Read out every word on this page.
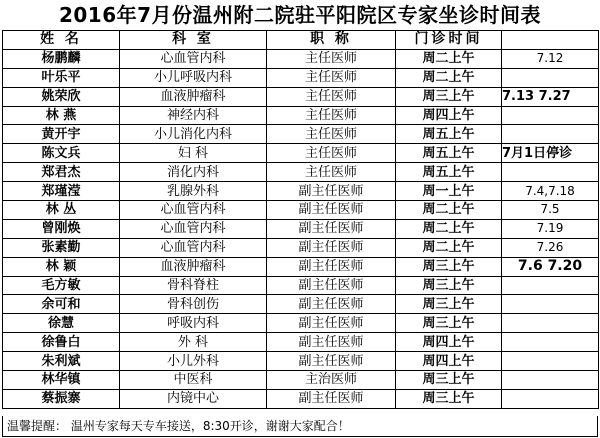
2016年7月份温州附二院驻平阳院区专家坐诊时间表
姓 名	科 室	职 称	门诊时间	
杨鹏麟	心血管内科	主任医师	周二上午	7.12
叶乐平	小儿呼吸内科	主任医师	周二上午	
姚荣欣	血液肿瘤科	主任医师	周三上午	7.13 7.27
林 燕	神经内科	主任医师	周四上午	
黄开宇	小儿消化内科	主任医师	周五上午	
陈文兵	妇 科	主任医师	周五上午	7月1日停诊
郑君杰	消化内科	主任医师	周五上午	
郑瑾滢	乳腺外科	副主任医师	周一上午	7.4,7.18
林 丛	心血管内科	副主任医师	周二上午	7.5
曾刚焕	心血管内科	副主任医师	周二上午	7.19
张素勤	心血管内科	副主任医师	周二上午	7.26
林 颖	血液肿瘤科	副主任医师	周三上午	7.6 7.20
毛方敏	骨科脊柱	副主任医师	周三上午	
余可和	骨科创伤	副主任医师	周三上午	
徐慧	呼吸内科	副主任医师	周三上午	
徐鲁白	外 科	副主任医师	周四上午	
朱利斌	小儿外科	副主任医师	周四上午	
林华镇	中医科	主治医师	周三上午	
蔡振寨	内镜中心	副主任医师	周三上午	
温馨提醒： 温州专家每天专车接送，8:30开诊，谢谢大家配合！
